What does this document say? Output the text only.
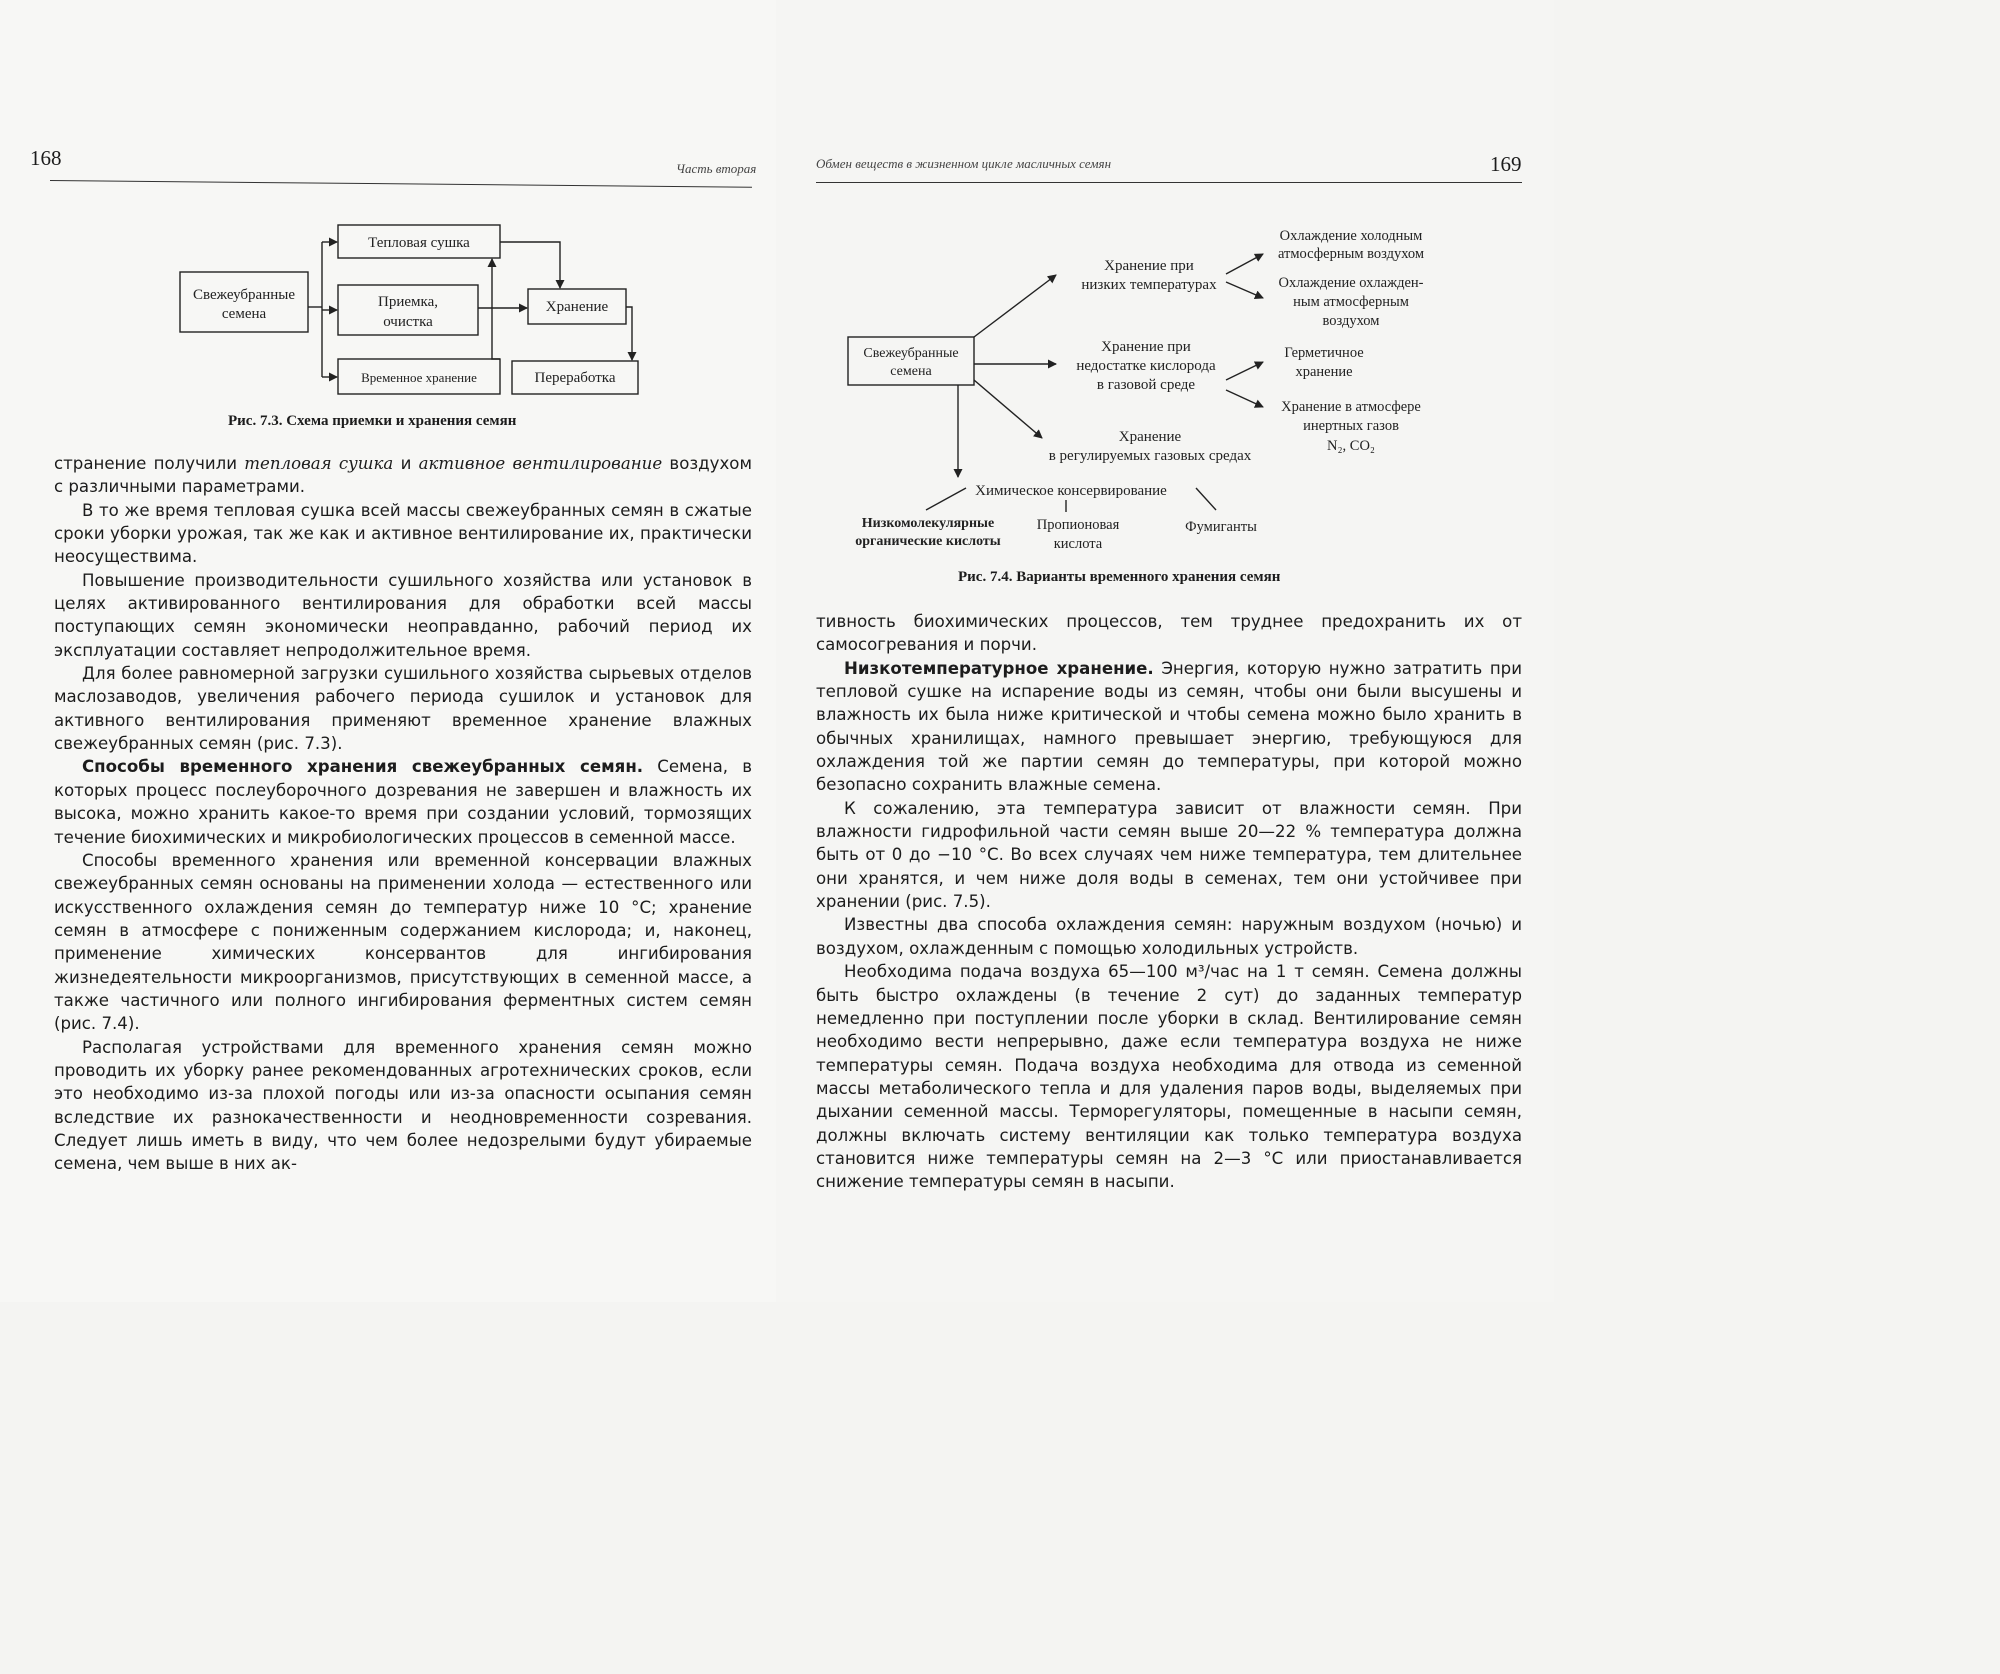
168	Часть вторая
Свежеубранные
семена
Тепловая сушка
Приемка,
очистка
Хранение
Временное хранение	Переработка
Рис. 7.3. Схема приемки и хранения семян

странение получили тепловая сушка и активное вентилирование воздухом с различными параметрами.

В то же время тепловая сушка всей массы свежеубранных семян в сжатые сроки уборки урожая, так же как и активное вентилирование их, практически неосуществима.

Повышение производительности сушильного хозяйства или установок в целях активированного вентилирования для обработки всей массы поступающих семян экономически неоправданно, рабочий период их эксплуатации составляет непродолжительное время.

Для более равномерной загрузки сушильного хозяйства сырьевых отделов маслозаводов, увеличения рабочего периода сушилок и установок для активного вентилирования применяют временное хранение влажных свежеубранных семян (рис. 7.3).

Способы временного хранения свежеубранных семян. Семена, в которых процесс послеуборочного дозревания не завершен и влажность их высока, можно хранить какое-то время при создании условий, тормозящих течение биохимических и микробиологических процессов в семенной массе.

Способы временного хранения или временной консервации влажных свежеубранных семян основаны на применении холода — естественного или искусственного охлаждения семян до температур ниже 10 °С; хранение семян в атмосфере с пониженным содержанием кислорода; и, наконец, применение химических консервантов для ингибирования жизнедеятельности микроорганизмов, присутствующих в семенной массе, а также частичного или полного ингибирования ферментных систем семян (рис. 7.4).

Располагая устройствами для временного хранения семян можно проводить их уборку ранее рекомендованных агротехнических сроков, если это необходимо из-за плохой погоды или из-за опасности осыпания семян вследствие их разнокачественности и неодновременности созревания. Следует лишь иметь в виду, что чем более недозрелыми будут убираемые семена, чем выше в них ак-

Обмен веществ в жизненном цикле масличных семян	169
Свежеубранные
семена
Хранение при
низких температурах
Охлаждение холодным
атмосферным воздухом
Охлаждение охлажден-
ным атмосферным
воздухом
Хранение при
недостатке кислорода
в газовой среде
Герметичное
хранение
Хранение в атмосфере
инертных газов
N₂, CO₂
Хранение
в регулируемых газовых средах
Химическое консервирование
Низкомолекулярные
органические кислоты
Пропионовая
кислота
Фумиганты
Рис. 7.4. Варианты временного хранения семян

тивность биохимических процессов, тем труднее предохранить их от самосогревания и порчи.

Низкотемпературное хранение. Энергия, которую нужно затратить при тепловой сушке на испарение воды из семян, чтобы они были высушены и влажность их была ниже критической и чтобы семена можно было хранить в обычных хранилищах, намного превышает энергию, требующуюся для охлаждения той же партии семян до температуры, при которой можно безопасно сохранить влажные семена.

К сожалению, эта температура зависит от влажности семян. При влажности гидрофильной части семян выше 20—22 % температура должна быть от 0 до −10 °С. Во всех случаях чем ниже температура, тем длительнее они хранятся, и чем ниже доля воды в семенах, тем они устойчивее при хранении (рис. 7.5).

Известны два способа охлаждения семян: наружным воздухом (ночью) и воздухом, охлажденным с помощью холодильных устройств.

Необходима подача воздуха 65—100 м³/час на 1 т семян. Семена должны быть быстро охлаждены (в течение 2 сут) до заданных температур немедленно при поступлении после уборки в склад. Вентилирование семян необходимо вести непрерывно, даже если температура воздуха не ниже температуры семян. Подача воздуха необходима для отвода из семенной массы метаболического тепла и для удаления паров воды, выделяемых при дыхании семенной массы. Терморегуляторы, помещенные в насыпи семян, должны включать систему вентиляции как только температура воздуха становится ниже температуры семян на 2—3 °С или приостанавливается снижение температуры семян в насыпи.
